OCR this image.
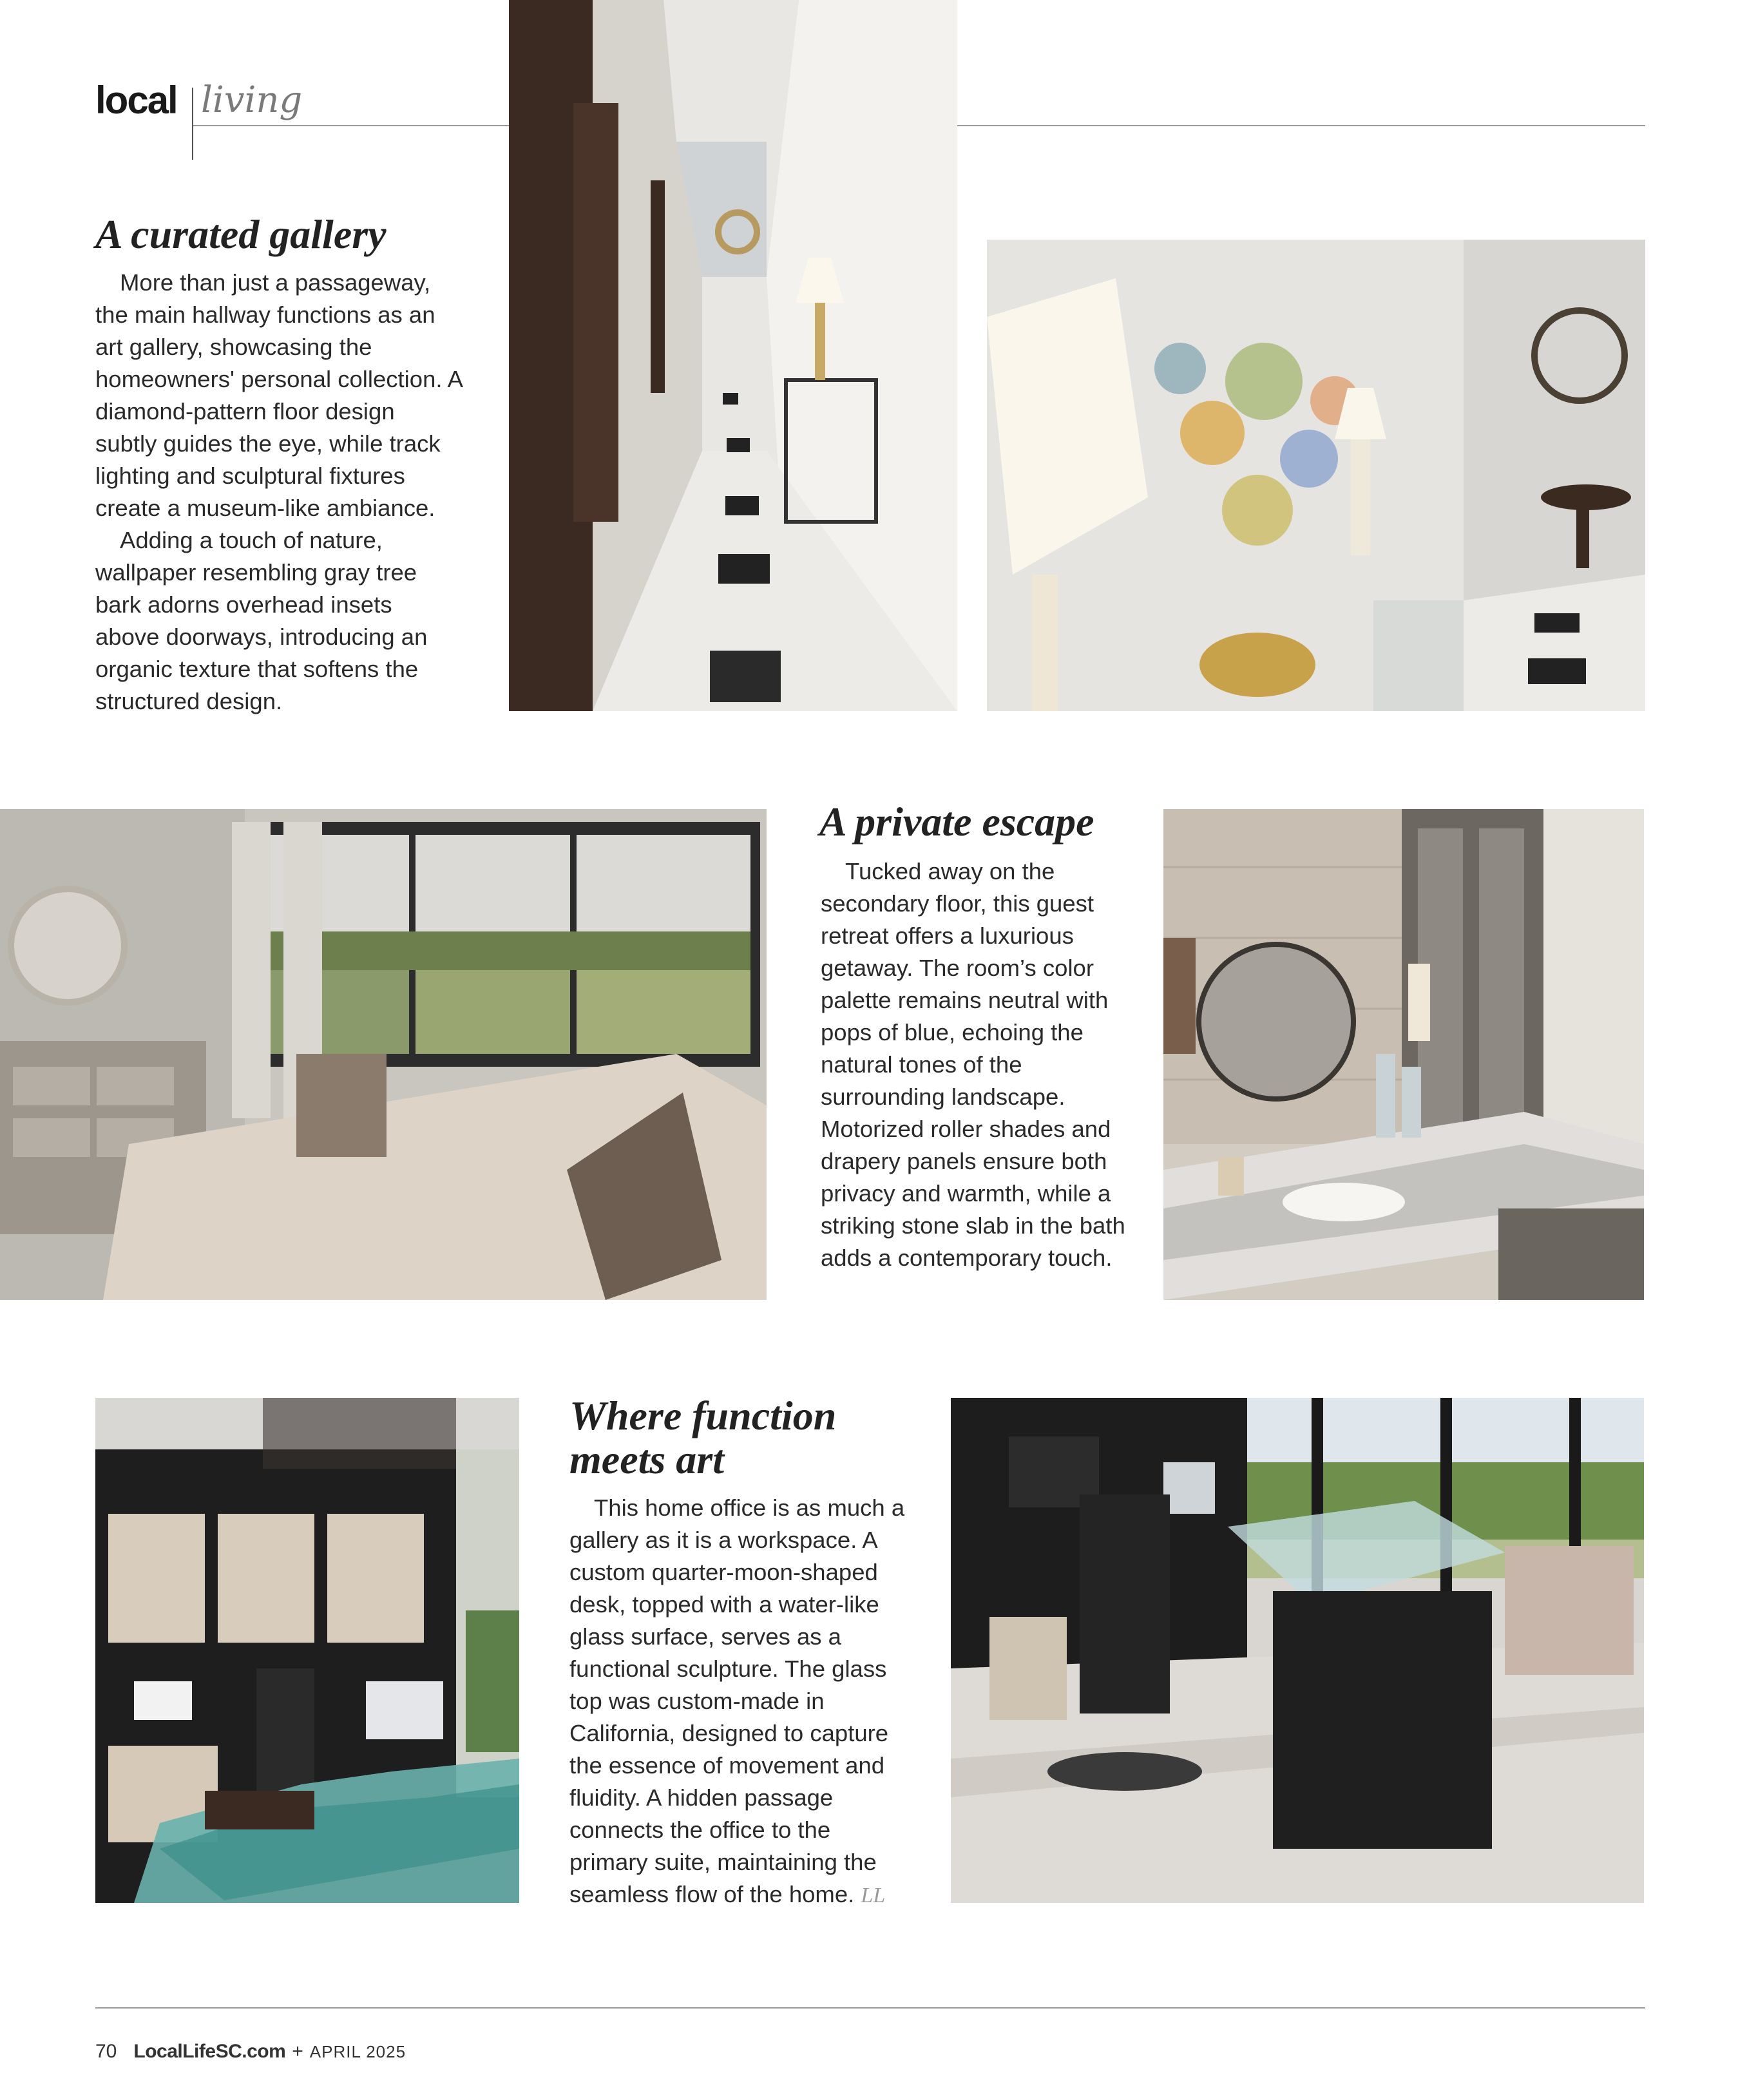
local living
A curated gallery

More than just a passageway, the main hallway functions as an art gallery, showcasing the homeowners' personal collection. A diamond-pattern floor design subtly guides the eye, while track lighting and sculptural fixtures create a museum-like ambiance.

Adding a touch of nature, wallpaper resembling gray tree bark adorns overhead insets above doorways, introducing an organic texture that softens the structured design.

A private escape

Tucked away on the secondary floor, this guest retreat offers a luxurious getaway. The room’s color palette remains neutral with pops of blue, echoing the natural tones of the surrounding landscape. Motorized roller shades and drapery panels ensure both privacy and warmth, while a striking stone slab in the bath adds a contemporary touch.

Where function
meets art

This home office is as much a gallery as it is a workspace. A custom quarter-moon-shaped desk, topped with a water-like glass surface, serves as a functional sculpture. The glass top was custom-made in California, designed to capture the essence of movement and fluidity. A hidden passage connects the office to the primary suite, maintaining the seamless flow of the home. LL

70 LocalLifeSC.com + APRIL 2025
